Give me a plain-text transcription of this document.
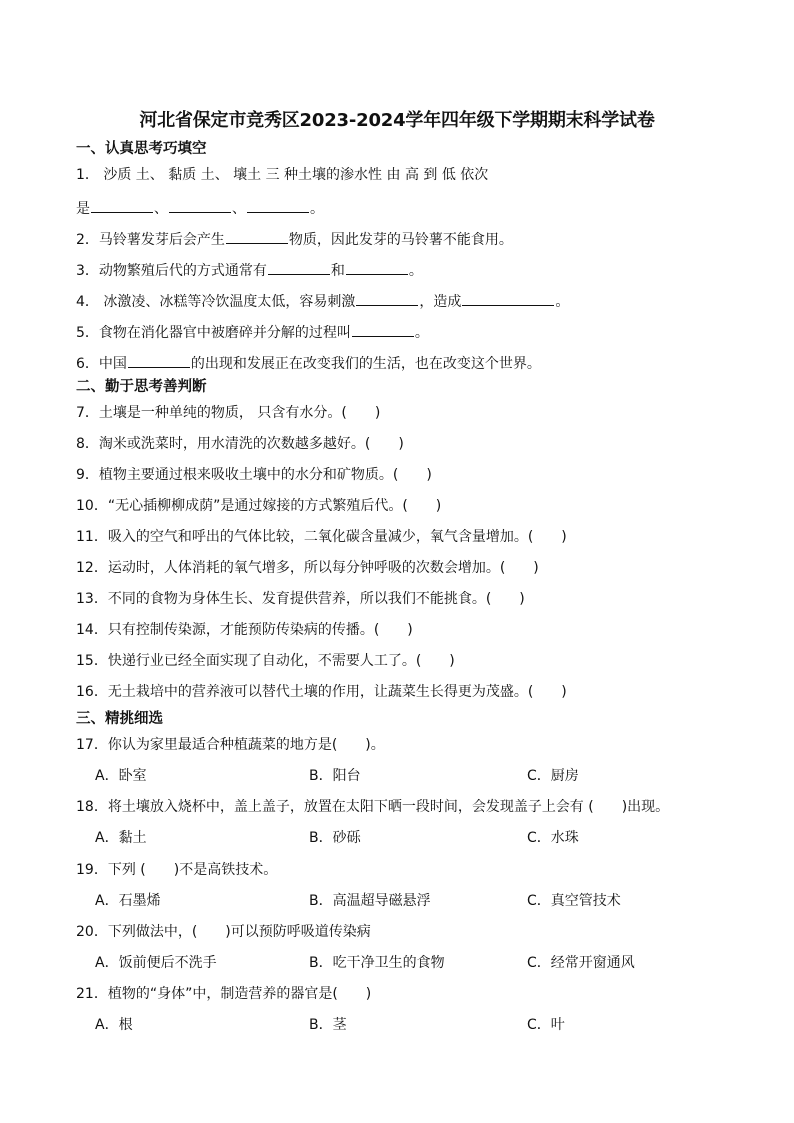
河北省保定市竞秀区2023-2024学年四年级下学期期末科学试卷
一、认真思考巧填空
1． 沙质 土、 黏质 土、 壤土 三 种土壤的渗水性 由 高 到 低 依次
是	、	、	。
2．马铃薯发芽后会产生	物质，因此发芽的马铃薯不能食用。
3．动物繁殖后代的方式通常有	和	。
4． 冰激凌、冰糕等冷饮温度太低，容易刺激	，造成	。
5．食物在消化器官中被磨碎并分解的过程叫	。
6．中国	的出现和发展正在改变我们的生活，也在改变这个世界。
二、勤于思考善判断
7．土壤是一种单纯的物质， 只含有水分。(　　)
8．淘米或洗菜时，用水清洗的次数越多越好。(　　)
9．植物主要通过根来吸收土壤中的水分和矿物质。(　　)
10．“无心插柳柳成荫”是通过嫁接的方式繁殖后代。(　　)
11．吸入的空气和呼出的气体比较，二氧化碳含量减少，氧气含量增加。(　　)
12．运动时，人体消耗的氧气增多，所以每分钟呼吸的次数会增加。(　　)
13．不同的食物为身体生长、发育提供营养，所以我们不能挑食。(　　)
14．只有控制传染源，才能预防传染病的传播。(　　)
15．快递行业已经全面实现了自动化，不需要人工了。(　　)
16．无土栽培中的营养液可以替代土壤的作用，让蔬菜生长得更为茂盛。(　　)
三、精挑细选
17．你认为家里最适合种植蔬菜的地方是(　　)。
A．卧室	B．阳台	C．厨房
18．将土壤放入烧杯中，盖上盖子，放置在太阳下晒一段时间，会发现盖子上会有 (　　)出现。
A．黏土	B．砂砾	C．水珠
19．下列 (　　)不是高铁技术。
A．石墨烯	B．高温超导磁悬浮	C．真空管技术
20．下列做法中，(　　)可以预防呼吸道传染病
A．饭前便后不洗手	B．吃干净卫生的食物	C．经常开窗通风
21．植物的“身体”中，制造营养的器官是(　　)
A．根	B．茎	C．叶
